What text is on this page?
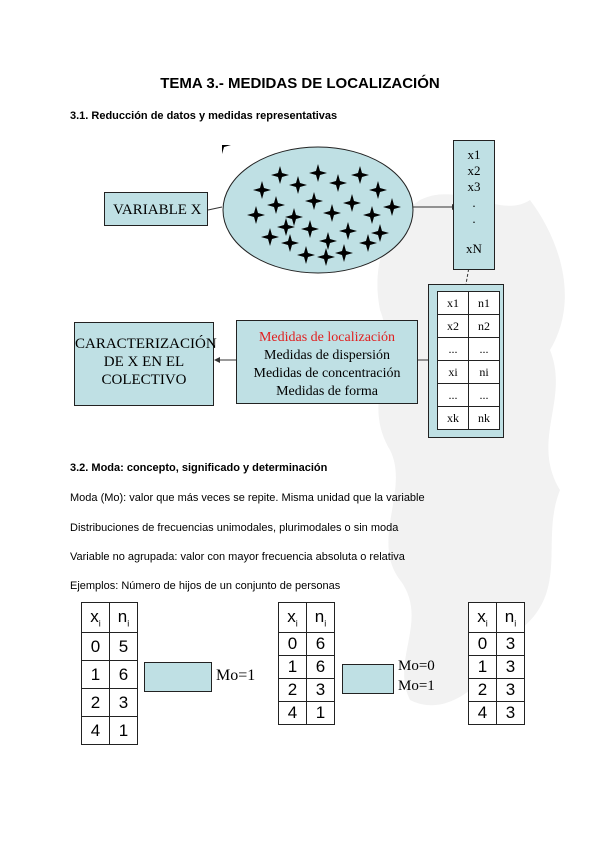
TEMA 3.- MEDIDAS DE LOCALIZACIÓN
3.1. Reducción de datos y medidas representativas
VARIABLE X
x1
x2
x3
.
.
xN
CARACTERIZACIÓN
DE X EN EL
COLECTIVO
Medidas de localización
Medidas de dispersión
Medidas de concentración
Medidas de forma
x1	n1
x2	n2
...	...
xi	ni
...	...
xk	nk
3.2. Moda: concepto, significado y determinación
Moda (Mo): valor que más veces se repite. Misma unidad que la variable
Distribuciones de frecuencias unimodales, plurimodales o sin moda
Variable no agrupada: valor con mayor frecuencia absoluta o relativa
Ejemplos: Número de hijos de un conjunto de personas
$x_i$	$n_i$
0	5
1	6
2	3
4	1
Mo=1
$x_i$	$n_i$
0	6
1	6
2	3
4	1
Mo=0
Mo=1
$x_i$	$n_i$
0	3
1	3
2	3
4	3
